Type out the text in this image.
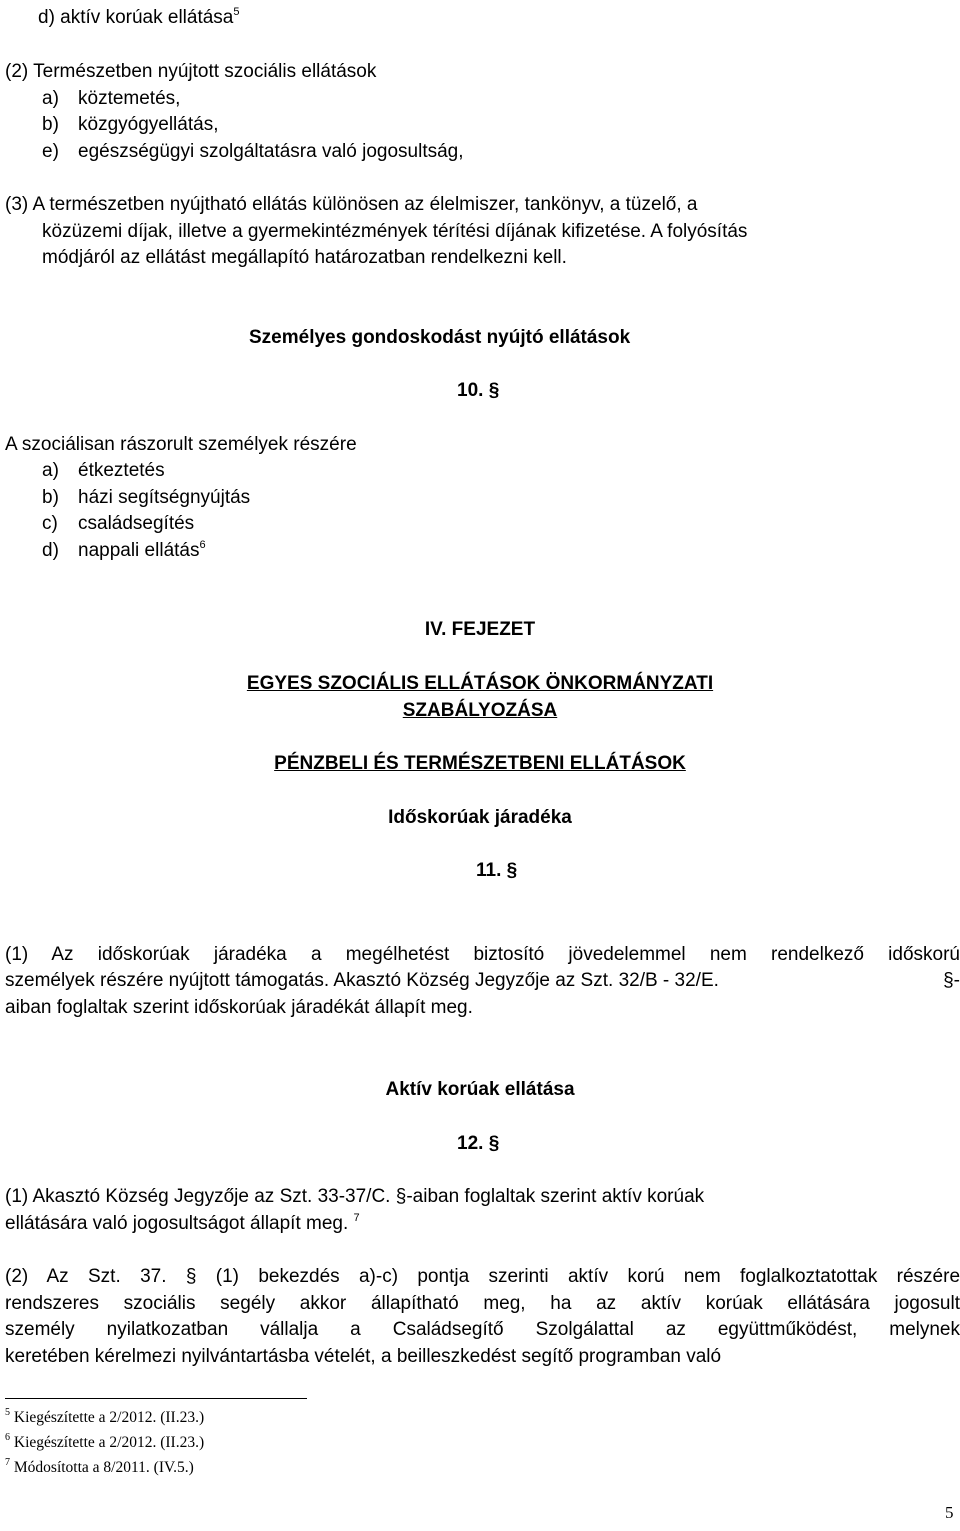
d) aktív korúak ellátása$^5$
(2) Természetben nyújtott szociális ellátások
a) köztemetés,
b) közgyógyellátás,
e) egészségügyi szolgáltatásra való jogosultság,
(3) A természetben nyújtható ellátás különösen az élelmiszer, tankönyv, a tüzelő, a
közüzemi díjak, illetve a gyermekintézmények térítési díjának kifizetése. A folyósítás
módjáról az ellátást megállapító határozatban rendelkezni kell.
Személyes gondoskodást nyújtó ellátások
10. §
A szociálisan rászorult személyek részére
a) étkeztetés
b) házi segítségnyújtás
c) családsegítés
d) nappali ellátás$^6$
IV. FEJEZET
EGYES SZOCIÁLIS ELLÁTÁSOK ÖNKORMÁNYZATI
SZABÁLYOZÁSA
PÉNZBELI ÉS TERMÉSZETBENI ELLÁTÁSOK
Időskorúak járadéka
11. §
(1) Az időskorúak járadéka a megélhetést biztosító jövedelemmel nem rendelkező időskorú
személyek részére nyújtott támogatás. Akasztó Község Jegyzője az Szt. 32/B - 32/E.	§-
aiban foglaltak szerint időskorúak járadékát állapít meg.
Aktív korúak ellátása
12. §
(1) Akasztó Község Jegyzője az Szt. 33-37/C. §-aiban foglaltak szerint aktív korúak
ellátására való jogosultságot állapít meg. $^7$
(2) Az Szt. 37. § (1) bekezdés a)-c) pontja szerinti aktív korú nem foglalkoztatottak részére
rendszeres szociális segély akkor állapítható meg, ha az aktív korúak ellátására jogosult
személy nyilatkozatban vállalja a Családsegítő Szolgálattal az együttműködést, melynek
keretében kérelmezi nyilvántartásba vételét, a beilleszkedést segítő programban való
$^5$ Kiegészítette a 2/2012. (II.23.)
$^6$ Kiegészítette a 2/2012. (II.23.)
$^7$ Módosította a 8/2011. (IV.5.)
5
